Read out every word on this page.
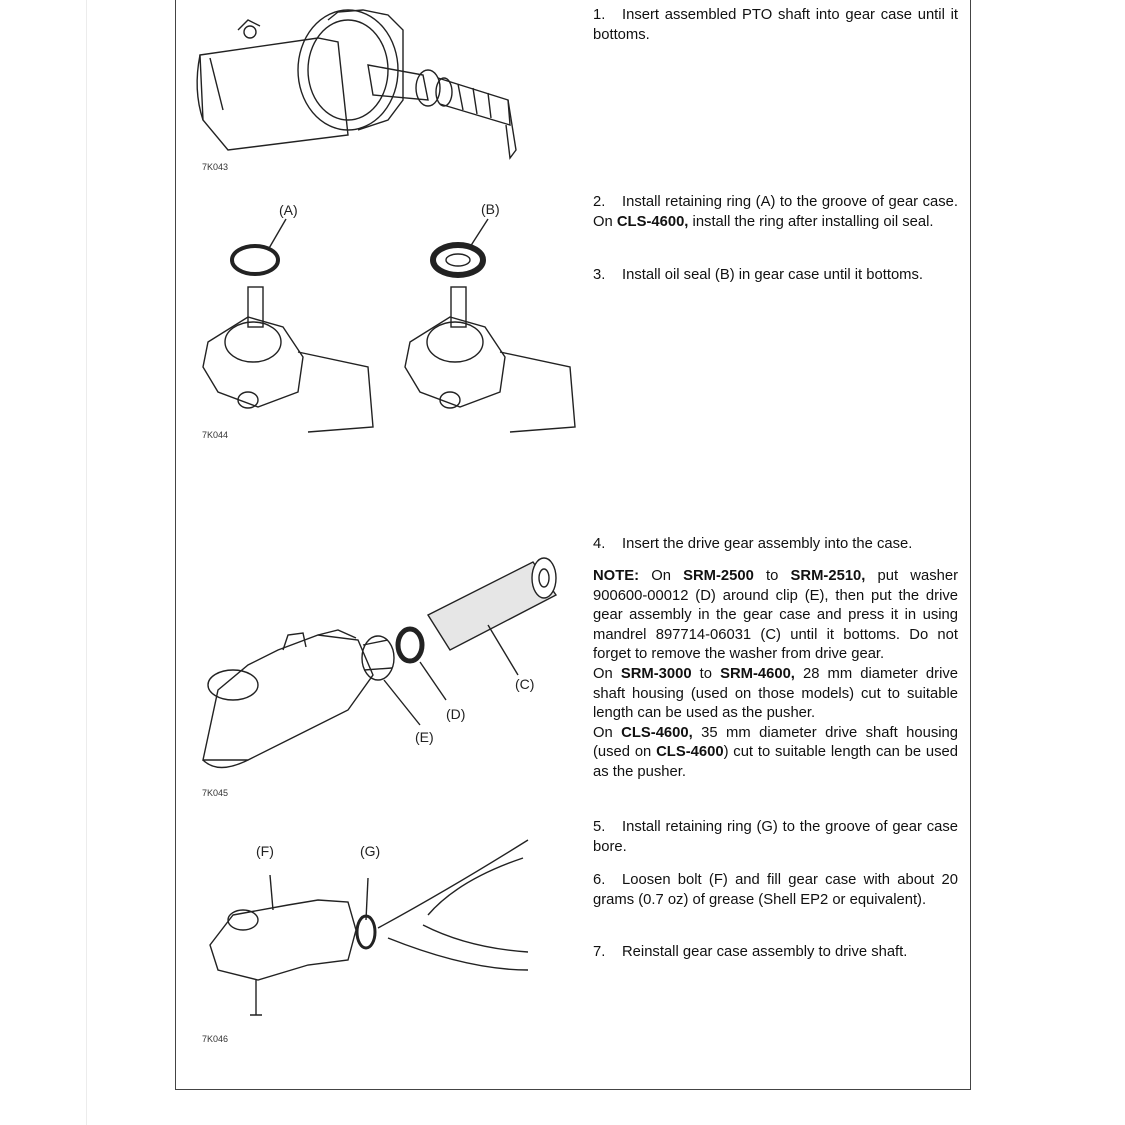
7K043
(A)	(B)
7K044
(C)
(D)
(E)
7K045
(F)	(G)
7K046

1. Insert assembled PTO shaft into gear case until it bottoms.

2. Install retaining ring (A) to the groove of gear case. On CLS-4600, install the ring after installing oil seal.

3. Install oil seal (B) in gear case until it bottoms.

4. Insert the drive gear assembly into the case.

NOTE: On SRM-2500 to SRM-2510, put washer 900600-00012 (D) around clip (E), then put the drive gear assembly in the gear case and press it in using mandrel 897714-06031 (C) until it bottoms. Do not forget to remove the washer from drive gear.

On SRM-3000 to SRM-4600, 28 mm diameter drive shaft housing (used on those models) cut to suitable length can be used as the pusher.

On CLS-4600, 35 mm diameter drive shaft housing (used on CLS-4600) cut to suitable length can be used as the pusher.

5. Install retaining ring (G) to the groove of gear case bore.

6. Loosen bolt (F) and fill gear case with about 20 grams (0.7 oz) of grease (Shell EP2 or equivalent).

7. Reinstall gear case assembly to drive shaft.
